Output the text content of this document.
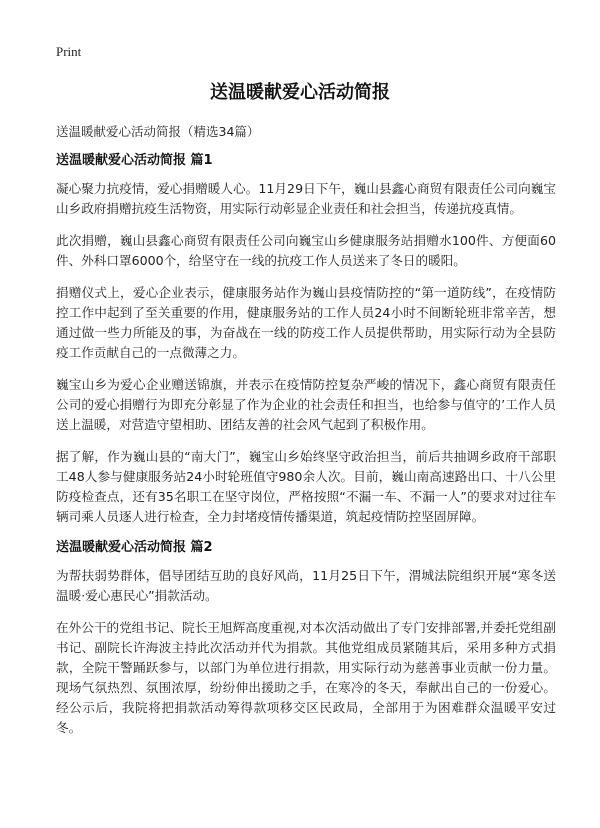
Print
送温暖献爱心活动简报

送温暖献爱心活动简报（精选34篇）

送温暖献爱心活动简报 篇1

凝心聚力抗疫情，爱心捐赠暖人心。11月29日下午，巍山县鑫心商贸有限责任公司向巍宝山乡政府捐赠抗疫生活物资，用实际行动彰显企业责任和社会担当，传递抗疫真情。

此次捐赠，巍山县鑫心商贸有限责任公司向巍宝山乡健康服务站捐赠水100件、方便面60件、外科口罩6000个，给坚守在一线的抗疫工作人员送来了冬日的暖阳。

捐赠仪式上，爱心企业表示，健康服务站作为巍山县疫情防控的“第一道防线”，在疫情防控工作中起到了至关重要的作用，健康服务站的工作人员24小时不间断轮班非常辛苦，想通过做一些力所能及的事，为奋战在一线的防疫工作人员提供帮助，用实际行动为全县防疫工作贡献自己的一点微薄之力。

巍宝山乡为爱心企业赠送锦旗，并表示在疫情防控复杂严峻的情况下，鑫心商贸有限责任公司的爱心捐赠行为即充分彰显了作为企业的社会责任和担当，也给参与值守的’工作人员送上温暖，对营造守望相助、团结友善的社会风气起到了积极作用。

据了解，作为巍山县的“南大门”，巍宝山乡始终坚守政治担当，前后共抽调乡政府干部职工48人参与健康服务站24小时轮班值守980余人次。目前，巍山南高速路出口、十八公里防疫检查点，还有35名职工在坚守岗位，严格按照“不漏一车、不漏一人”的要求对过往车辆司乘人员逐人进行检查，全力封堵疫情传播渠道，筑起疫情防控坚固屏障。

送温暖献爱心活动简报 篇2

为帮扶弱势群体，倡导团结互助的良好风尚，11月25日下午，渭城法院组织开展“寒冬送温暖·爱心惠民心”捐款活动。

在外公干的党组书记、院长王旭辉高度重视,对本次活动做出了专门安排部署,并委托党组副书记、副院长许海波主持此次活动并代为捐款。其他党组成员紧随其后，采用多种方式捐款，全院干警踊跃参与，以部门为单位进行捐款，用实际行动为慈善事业贡献一份力量。现场气氛热烈、氛围浓厚，纷纷伸出援助之手，在寒冷的冬天，奉献出自己的一份爱心。经公示后，我院将把捐款活动筹得款项移交区民政局，全部用于为困难群众温暖平安过冬。
